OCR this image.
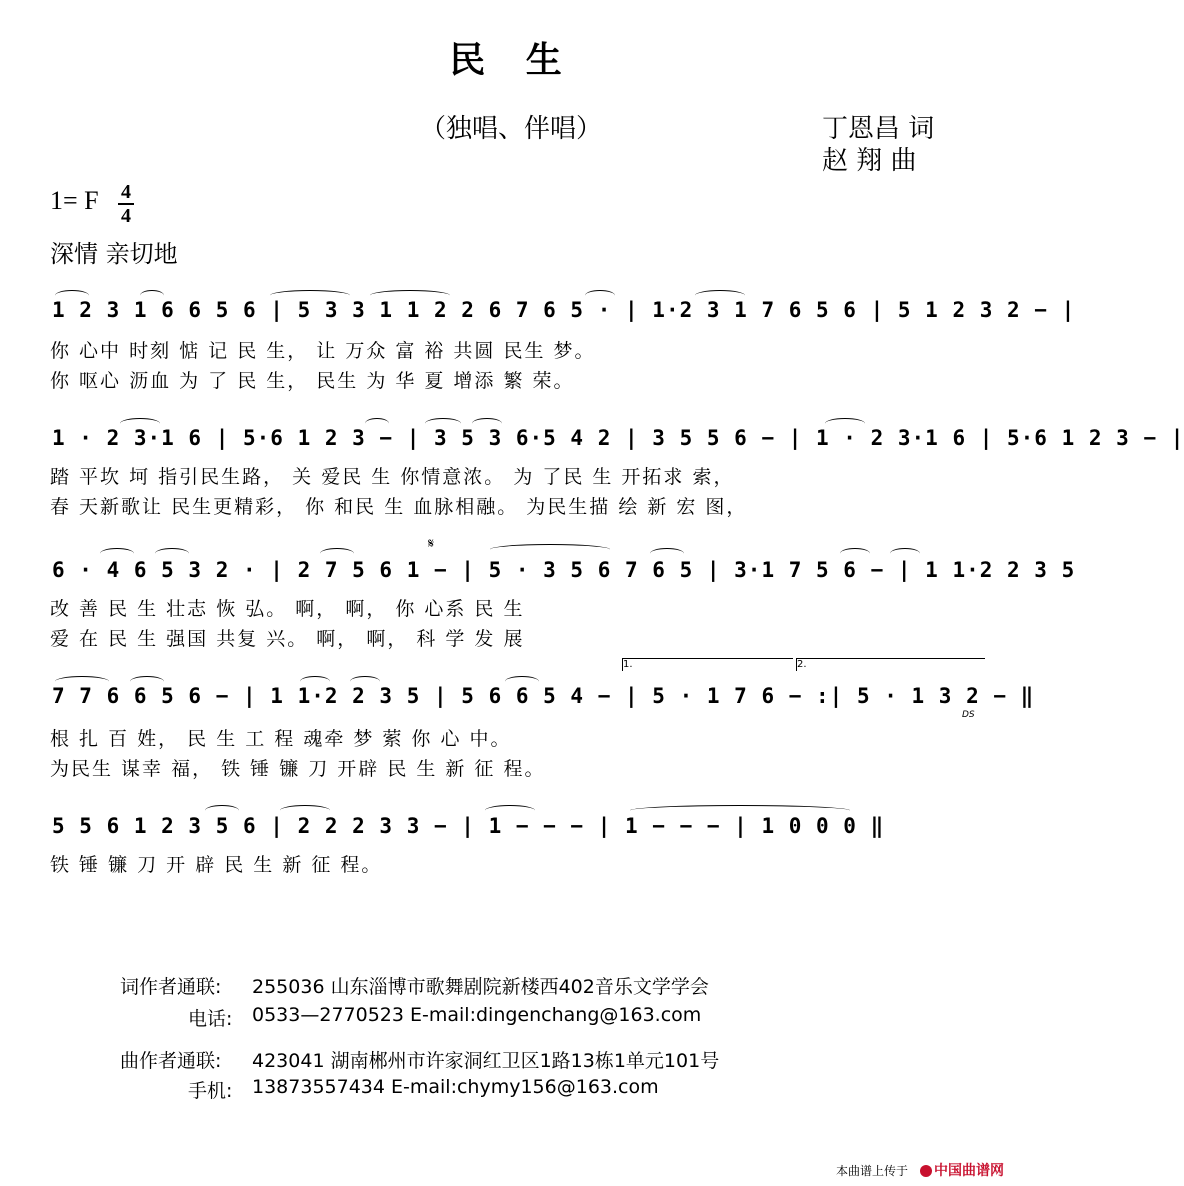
民 生
（独唱、伴唱）	丁恩昌 词
赵 翔 曲
1= F 4
4
深情 亲切地
1 2 3 1 6 6 5 6 | 5 3 3 1 1 2 2 6 7 6 5 · | 1·2 3 1 7 6 5 6 | 5 1 2 3 2 − |
你 心中 时刻 惦 记 民 生， 让 万众 富 裕 共圆 民生 梦。
你 呕心 沥血 为 了 民 生， 民生 为 华 夏 增添 繁 荣。
1 · 2 3·1 6 | 5·6 1 2 3 − | 3 5 3 6·5 4 2 | 3 5 5 6 − | 1 · 2 3·1 6 | 5·6 1 2 3 − |
踏 平坎 坷 指引民生路， 关 爱民 生 你情意浓。 为 了民 生 开拓求 索，
春 天新歌让 民生更精彩， 你 和民 生 血脉相融。 为民生描 绘 新 宏 图，
6 · 4 6 5 3 2 · | 2 7 5 6 1 − | 5 · 3 5 6 7 6 5 | 3·1 7 5 6 − | 1 1·2 2 3 5
𝄋
改 善 民 生 壮志 恢 弘。 啊， 啊， 你 心系 民 生
爱 在 民 生 强国 共复 兴。 啊， 啊， 科 学 发 展
1.	2.
7 7 6 6 5 6 − | 1 1·2 2 3 5 | 5 6 6 5 4 − | 5 · 1 7 6 − :| 5 · 1 3 2 − ‖
DS
根 扎 百 姓， 民 生 工 程 魂牵 梦 萦 你 心 中。
为民生 谋幸 福， 铁 锤 镰 刀 开辟 民 生 新 征 程。
5 5 6 1 2 3 5 6 | 2 2 2 3 3 − | 1 − − − | 1 − − − | 1 0 0 0 ‖
铁 锤 镰 刀 开 辟 民 生 新 征 程。
词作者通联: 255036 山东淄博市歌舞剧院新楼西402音乐文学学会
电话: 0533—2770523 E-mail:dingenchang@163.com
曲作者通联: 423041 湖南郴州市许家洞红卫区1路13栋1单元101号
手机: 13873557434 E-mail:chymy156@163.com
本曲谱上传于	中国曲谱网
